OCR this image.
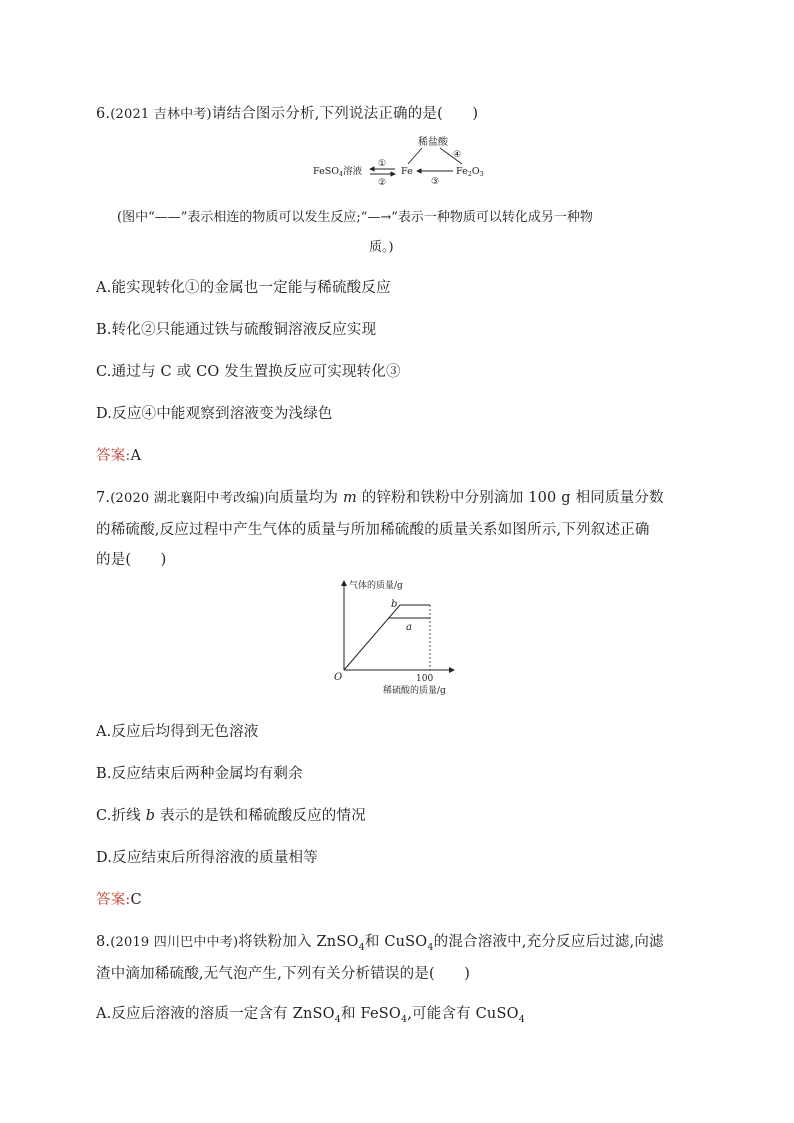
6.(2021 吉林中考)请结合图示分析,下列说法正确的是(　　)
稀盐酸
FeSO$_4$溶液	Fe	$Fe_2O_3$
①
②	③
④
(图中“——”表示相连的物质可以发生反应;“—→”表示一种物质可以转化成另一种物
质。)
A.能实现转化①的金属也一定能与稀硫酸反应
B.转化②只能通过铁与硫酸铜溶液反应实现
C.通过与 C 或 CO 发生置换反应可实现转化③
D.反应④中能观察到溶液变为浅绿色
答案:A
7.(2020 湖北襄阳中考改编)向质量均为 m 的锌粉和铁粉中分别滴加 100 g 相同质量分数
的稀硫酸,反应过程中产生气体的质量与所加稀硫酸的质量关系如图所示,下列叙述正确
的是(　　)
气体的质量/g
稀硫酸的质量/g
O	100
b
a
A.反应后均得到无色溶液
B.反应结束后两种金属均有剩余
C.折线 b 表示的是铁和稀硫酸反应的情况
D.反应结束后所得溶液的质量相等
答案:C
8.(2019 四川巴中中考)将铁粉加入 ZnSO$_4$和 CuSO$_4$的混合溶液中,充分反应后过滤,向滤
渣中滴加稀硫酸,无气泡产生,下列有关分析错误的是(　　)
A.反应后溶液的溶质一定含有 ZnSO$_4$和 FeSO$_4$,可能含有 CuSO$_4$
